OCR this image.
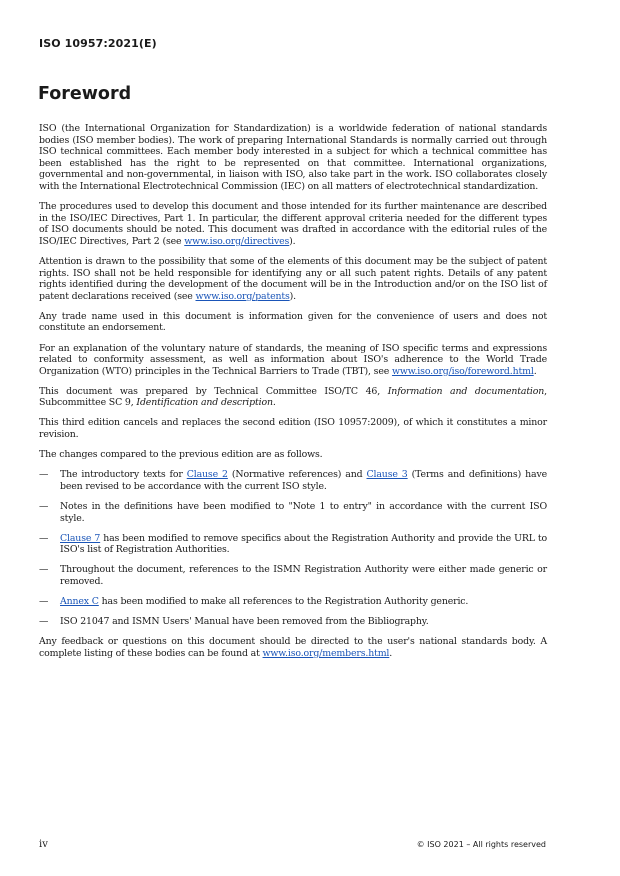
ISO 10957:2021(E)
Foreword

ISO (the International Organization for Standardization) is a worldwide federation of national standards bodies (ISO member bodies). The work of preparing International Standards is normally carried out through ISO technical committees. Each member body interested in a subject for which a technical committee has been established has the right to be represented on that committee. International organizations, governmental and non-governmental, in liaison with ISO, also take part in the work. ISO collaborates closely with the International Electrotechnical Commission (IEC) on all matters of electrotechnical standardization.

The procedures used to develop this document and those intended for its further maintenance are described in the ISO/IEC Directives, Part 1. In particular, the different approval criteria needed for the different types of ISO documents should be noted. This document was drafted in accordance with the editorial rules of the ISO/IEC Directives, Part 2 (see www.iso.org/directives).

Attention is drawn to the possibility that some of the elements of this document may be the subject of patent rights. ISO shall not be held responsible for identifying any or all such patent rights. Details of any patent rights identified during the development of the document will be in the Introduction and/or on the ISO list of patent declarations received (see www.iso.org/patents).

Any trade name used in this document is information given for the convenience of users and does not constitute an endorsement.

For an explanation of the voluntary nature of standards, the meaning of ISO specific terms and expressions related to conformity assessment, as well as information about ISO's adherence to the World Trade Organization (WTO) principles in the Technical Barriers to Trade (TBT), see www.iso.org/iso/foreword.html.

This document was prepared by Technical Committee ISO/TC 46, Information and documentation, Subcommittee SC 9, Identification and description.

This third edition cancels and replaces the second edition (ISO 10957:2009), of which it constitutes a minor revision.

The changes compared to the previous edition are as follows.

— The introductory texts for Clause 2 (Normative references) and Clause 3 (Terms and definitions) have been revised to be accordance with the current ISO style.
— Notes in the definitions have been modified to "Note 1 to entry" in accordance with the current ISO style.
— Clause 7 has been modified to remove specifics about the Registration Authority and provide the URL to ISO's list of Registration Authorities.
— Throughout the document, references to the ISMN Registration Authority were either made generic or removed.
— Annex C has been modified to make all references to the Registration Authority generic.
— ISO 21047 and ISMN Users' Manual have been removed from the Bibliography.

Any feedback or questions on this document should be directed to the user's national standards body. A complete listing of these bodies can be found at www.iso.org/members.html.

iv	© ISO 2021 – All rights reserved
